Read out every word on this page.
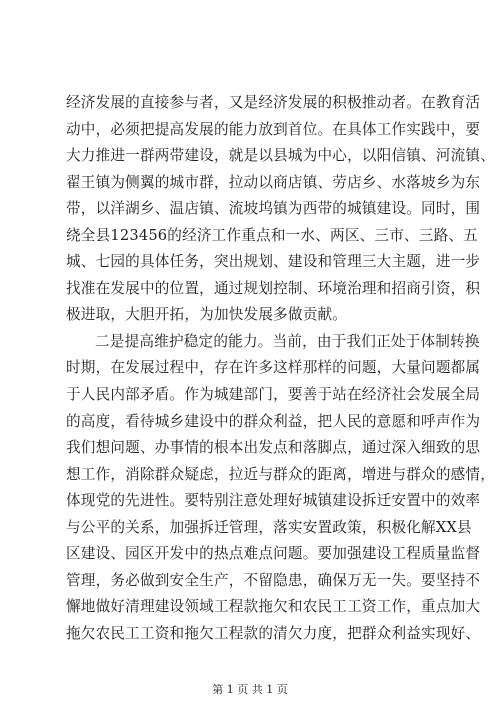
经济发展的直接参与者，又是经济发展的积极推动者。在教育活
动中，必须把提高发展的能力放到首位。在具体工作实践中，要
大力推进一群两带建设，就是以县城为中心，以阳信镇、河流镇、
翟王镇为侧翼的城市群，拉动以商店镇、劳店乡、水落坡乡为东
带，以洋湖乡、温店镇、流坡坞镇为西带的城镇建设。同时，围
绕全县123456的经济工作重点和一水、两区、三市、三路、五
城、七园的具体任务，突出规划、建设和管理三大主题，进一步
找准在发展中的位置，通过规划控制、环境治理和招商引资，积
极进取，大胆开拓，为加快发展多做贡献。
二是提高维护稳定的能力。当前，由于我们正处于体制转换
时期，在发展过程中，存在许多这样那样的问题，大量问题都属
于人民内部矛盾。作为城建部门，要善于站在经济社会发展全局
的高度，看待城乡建设中的群众利益，把人民的意愿和呼声作为
我们想问题、办事情的根本出发点和落脚点，通过深入细致的思
想工作，消除群众疑虑，拉近与群众的距离，增进与群众的感情，
体现党的先进性。要特别注意处理好城镇建设拆迁安置中的效率
与公平的关系，加强拆迁管理，落实安置政策，积极化解XX县
区建设、园区开发中的热点难点问题。要加强建设工程质量监督
管理，务必做到安全生产，不留隐患，确保万无一失。要坚持不
懈地做好清理建设领域工程款拖欠和农民工工资工作，重点加大
拖欠农民工工资和拖欠工程款的清欠力度，把群众利益实现好、
第 1 页 共 1 页
